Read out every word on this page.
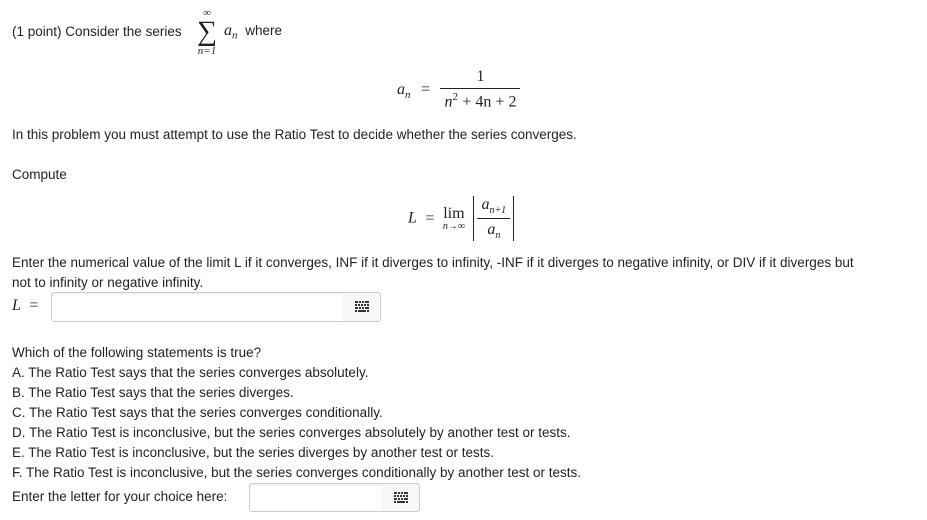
(1 point) Consider the series
∞
∑
n=1
$a_n$ where
$a_n = \frac{1}{n^2 + 4n + 2}$
In this problem you must attempt to use the Ratio Test to decide whether the series converges.
Compute
L = lim
n→∞
$\frac{a_{n+1}}{a_n}$
Enter the numerical value of the limit L if it converges, INF if it diverges to infinity, -INF if it diverges to negative infinity, or DIV if it diverges but
not to infinity or negative infinity.
L =
Which of the following statements is true?
A. The Ratio Test says that the series converges absolutely.
B. The Ratio Test says that the series diverges.
C. The Ratio Test says that the series converges conditionally.
D. The Ratio Test is inconclusive, but the series converges absolutely by another test or tests.
E. The Ratio Test is inconclusive, but the series diverges by another test or tests.
F. The Ratio Test is inconclusive, but the series converges conditionally by another test or tests.
Enter the letter for your choice here:
